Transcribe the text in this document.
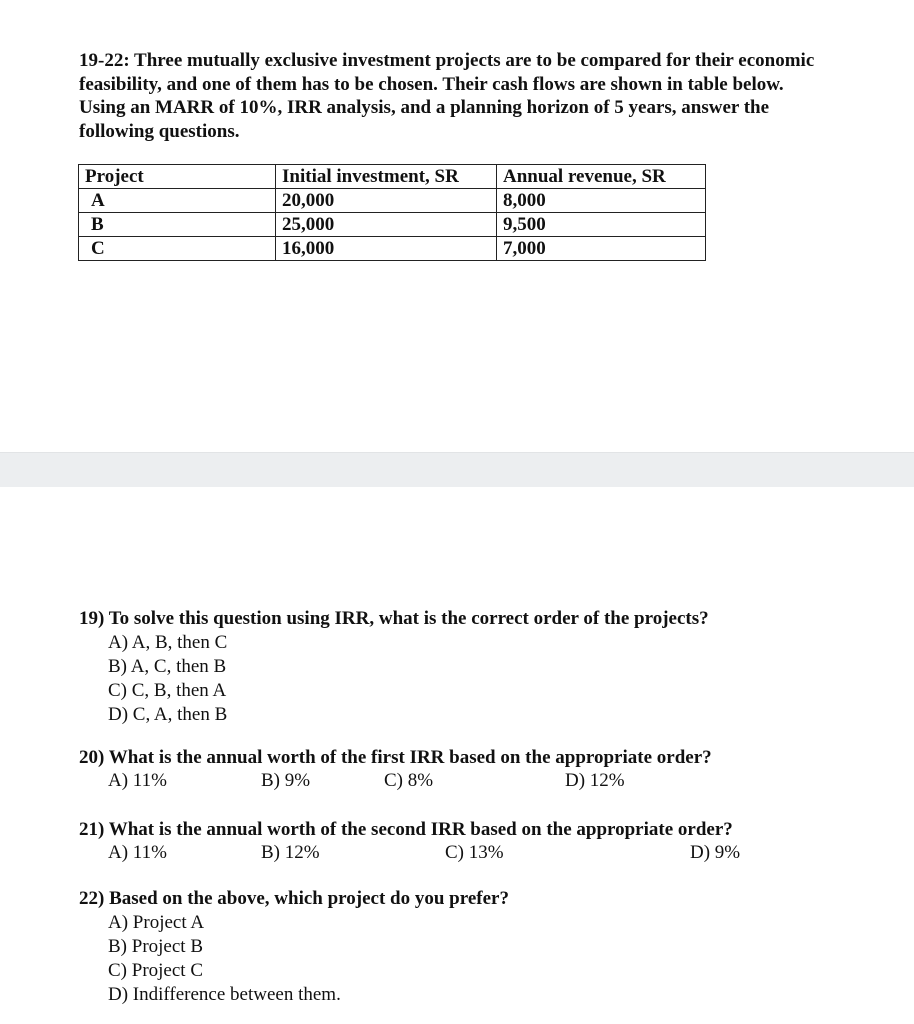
19-22: Three mutually exclusive investment projects are to be compared for their economic
feasibility, and one of them has to be chosen. Their cash flows are shown in table below.
Using an MARR of 10%, IRR analysis, and a planning horizon of 5 years, answer the
following questions.
Project	Initial investment, SR	Annual revenue, SR
A	20,000	8,000
B	25,000	9,500
C	16,000	7,000
19) To solve this question using IRR, what is the correct order of the projects?
A) A, B, then C
B) A, C, then B
C) C, B, then A
D) C, A, then B
20) What is the annual worth of the first IRR based on the appropriate order?
A) 11%	B) 9%	C) 8%	D) 12%
21) What is the annual worth of the second IRR based on the appropriate order?
A) 11%	B) 12%	C) 13%	D) 9%
22) Based on the above, which project do you prefer?
A) Project A
B) Project B
C) Project C
D) Indifference between them.
